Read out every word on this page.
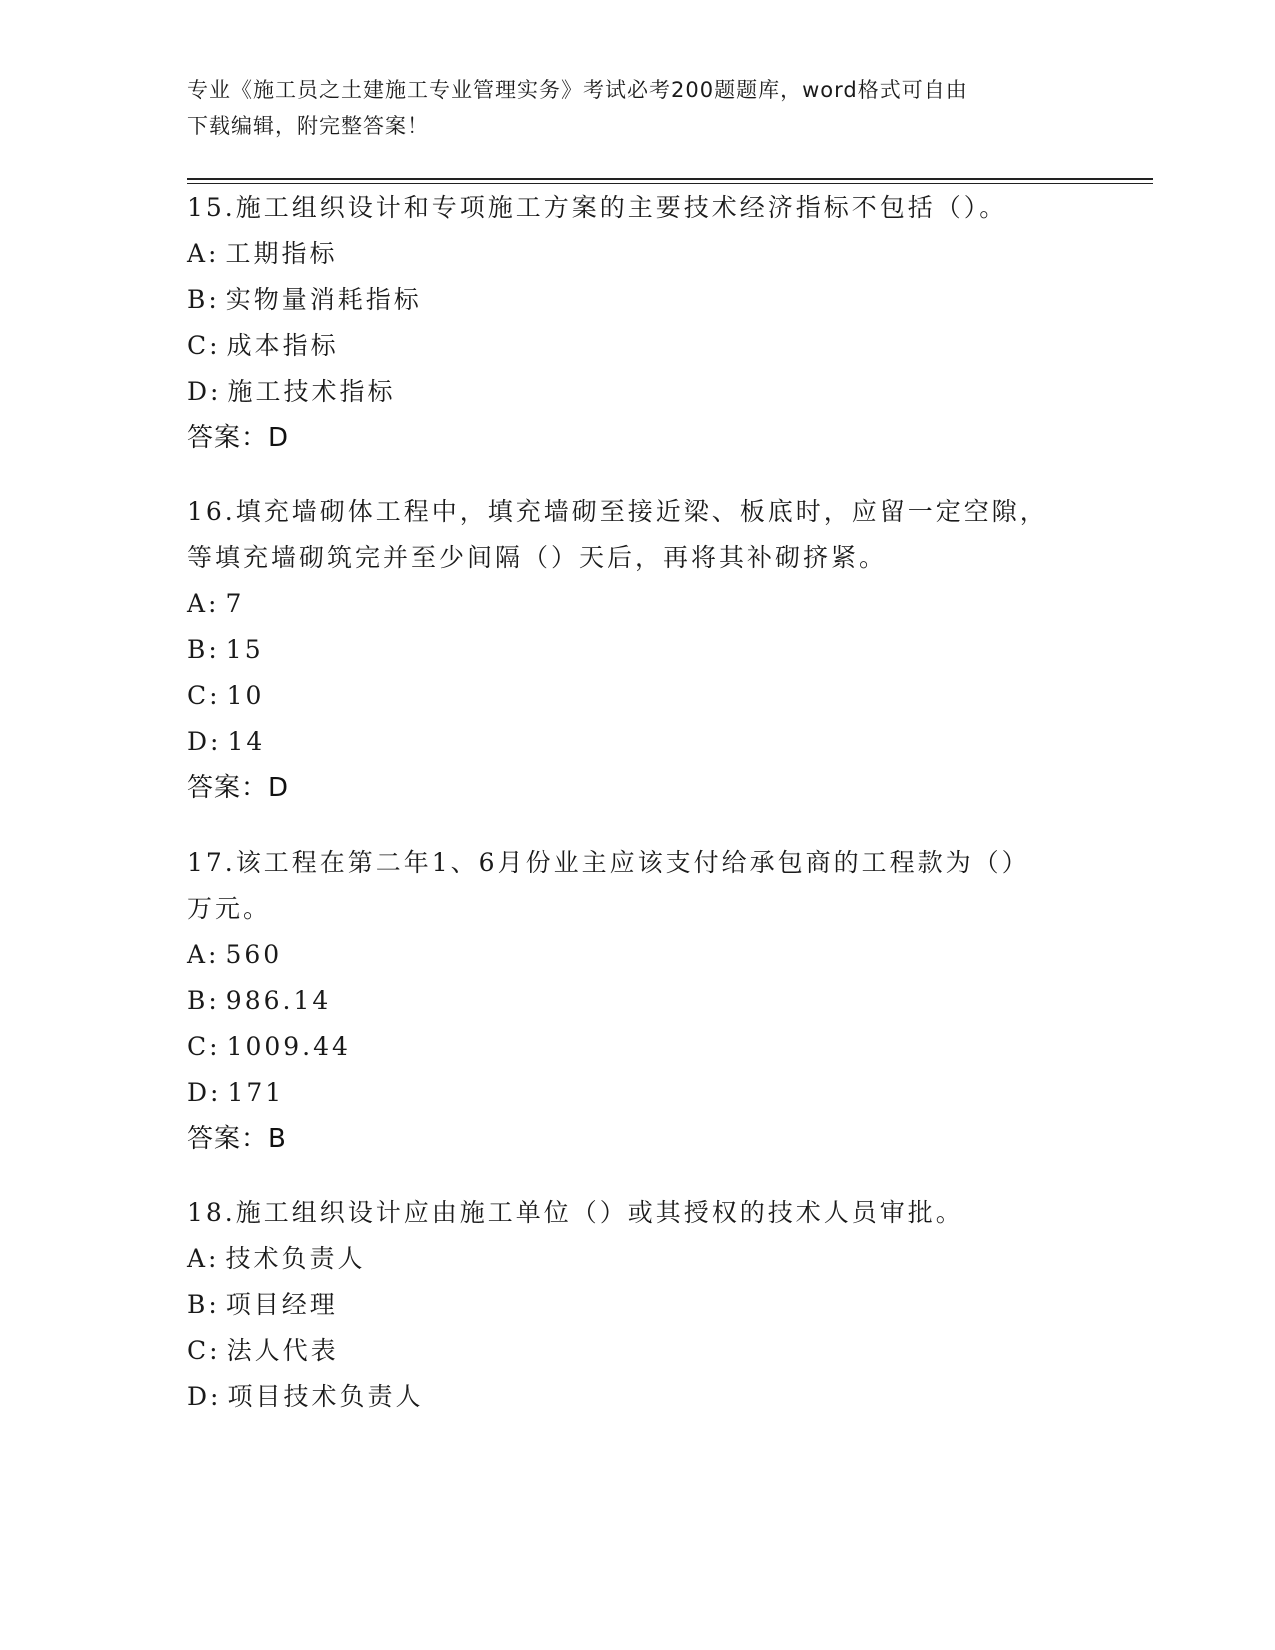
专业《施工员之土建施工专业管理实务》考试必考200题题库，word格式可自由
下载编辑，附完整答案！
15.施工组织设计和专项施工方案的主要技术经济指标不包括（）。
A: 工期指标
B: 实物量消耗指标
C: 成本指标
D: 施工技术指标
答案：D
16.填充墙砌体工程中，填充墙砌至接近梁、板底时，应留一定空隙，
等填充墙砌筑完并至少间隔（）天后，再将其补砌挤紧。
A: 7
B: 15
C: 10
D: 14
答案：D
17.该工程在第二年1、6月份业主应该支付给承包商的工程款为（）
万元。
A: 560
B: 986.14
C: 1009.44
D: 171
答案：B
18.施工组织设计应由施工单位（）或其授权的技术人员审批。
A: 技术负责人
B: 项目经理
C: 法人代表
D: 项目技术负责人
